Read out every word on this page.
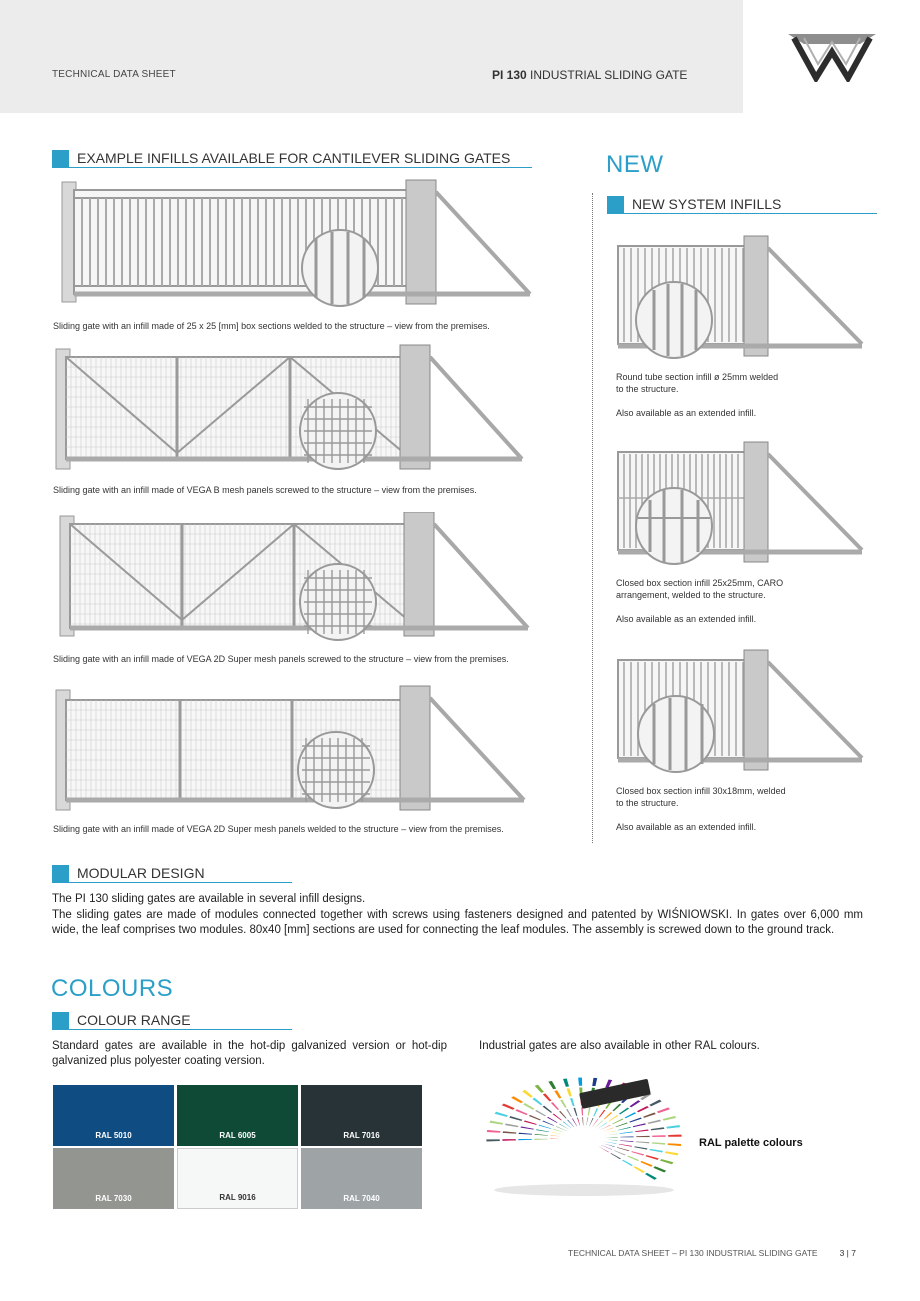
TECHNICAL DATA SHEET	PI 130 INDUSTRIAL SLIDING GATE
EXAMPLE INFILLS AVAILABLE FOR CANTILEVER SLIDING GATES
Sliding gate with an infill made of 25 x 25 [mm] box sections welded to the structure – view from the premises.
Sliding gate with an infill made of VEGA B mesh panels screwed to the structure – view from the premises.
Sliding gate with an infill made of VEGA 2D Super mesh panels screwed to the structure – view from the premises.
Sliding gate with an infill made of VEGA 2D Super mesh panels welded to the structure – view from the premises.
NEW
NEW SYSTEM INFILLS
Round tube section infill ø 25mm welded
to the structure.
Also available as an extended infill.
Closed box section infill 25x25mm, CARO
arrangement, welded to the structure.
Also available as an extended infill.
Closed box section infill 30x18mm, welded
to the structure.
Also available as an extended infill.
MODULAR DESIGN
The PI 130 sliding gates are available in several infill designs.
The sliding gates are made of modules connected together with screws using fasteners designed and patented by WIŚNIOWSKI. In gates over 6,000 mm wide, the leaf comprises two modules. 80x40 [mm] sections are used for connecting the leaf modules. The assembly is screwed down to the ground track.
COLOURS
COLOUR RANGE
Standard gates are available in the hot-dip galvanized version or hot-dip galvanized plus polyester coating version.
Industrial gates are also available in other RAL colours.
RAL 5010	RAL 6005	RAL 7016
RAL 7030	RAL 9016	RAL 7040
RAL palette colours
TECHNICAL DATA SHEET – PI 130 INDUSTRIAL SLIDING GATE	3 | 7
